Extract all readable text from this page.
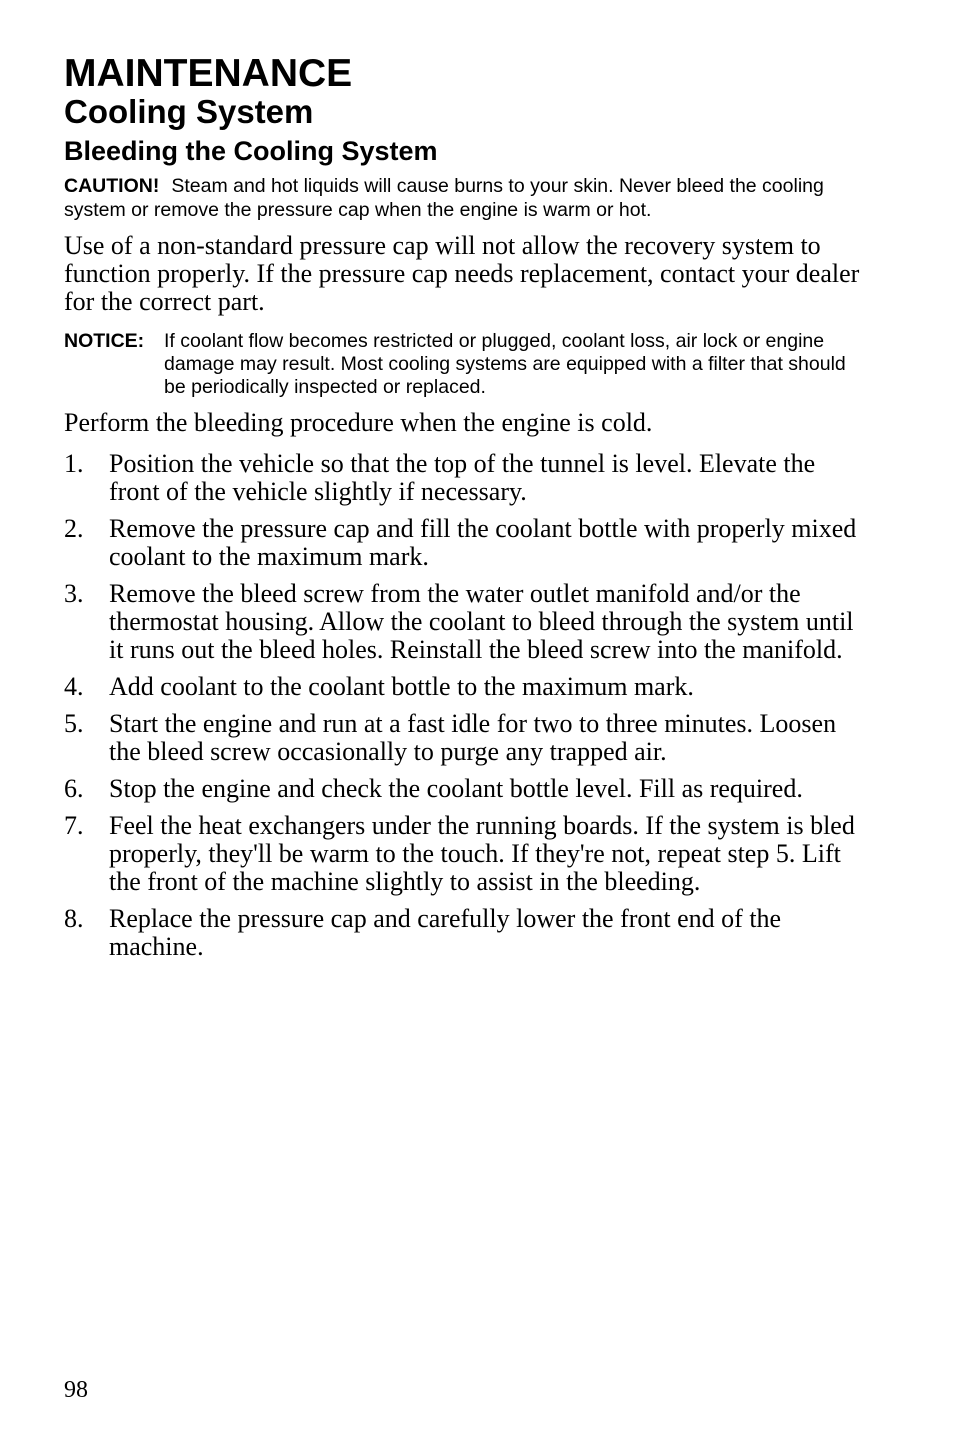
MAINTENANCE
Cooling System
Bleeding the Cooling System
CAUTION! Steam and hot liquids will cause burns to your skin. Never bleed the cooling system or remove the pressure cap when the engine is warm or hot.
Use of a non-standard pressure cap will not allow the recovery system to function properly. If the pressure cap needs replacement, contact your dealer for the correct part.
NOTICE:	If coolant flow becomes restricted or plugged, coolant loss, air lock or engine damage may result. Most cooling systems are equipped with a filter that should be periodically inspected or replaced.
Perform the bleeding procedure when the engine is cold.
1. Position the vehicle so that the top of the tunnel is level. Elevate the front of the vehicle slightly if necessary.
2. Remove the pressure cap and fill the coolant bottle with properly mixed coolant to the maximum mark.
3. Remove the bleed screw from the water outlet manifold and/or the thermostat housing. Allow the coolant to bleed through the system until it runs out the bleed holes. Reinstall the bleed screw into the manifold.
4. Add coolant to the coolant bottle to the maximum mark.
5. Start the engine and run at a fast idle for two to three minutes. Loosen the bleed screw occasionally to purge any trapped air.
6. Stop the engine and check the coolant bottle level. Fill as required.
7. Feel the heat exchangers under the running boards. If the system is bled properly, they'll be warm to the touch. If they're not, repeat step 5. Lift the front of the machine slightly to assist in the bleeding.
8. Replace the pressure cap and carefully lower the front end of the machine.
98
